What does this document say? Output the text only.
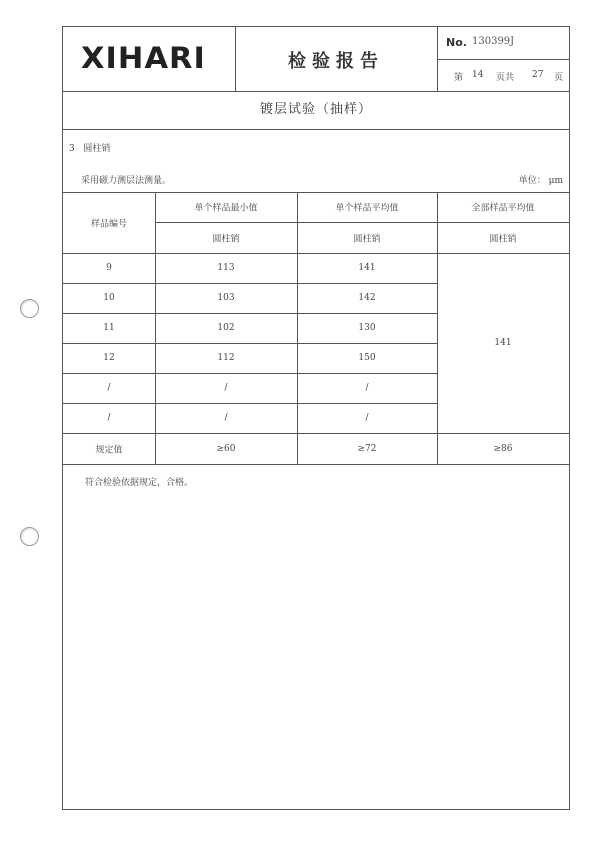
XIHARI	检验报告
No. 130399J
第 14 页共 27 页
镀层试验（抽样）
3 圆柱销
采用磁力测层法测量。	单位： μm
样品编号
单个样品最小值	单个样品平均值	全部样品平均值
圆柱销	圆柱销	圆柱销
9	113	141
10	103	142
11	102	130
12	112	150
/	/	/
/	/	/
141
规定值	≥60	≥72	≥86
符合检验依据规定，合格。
